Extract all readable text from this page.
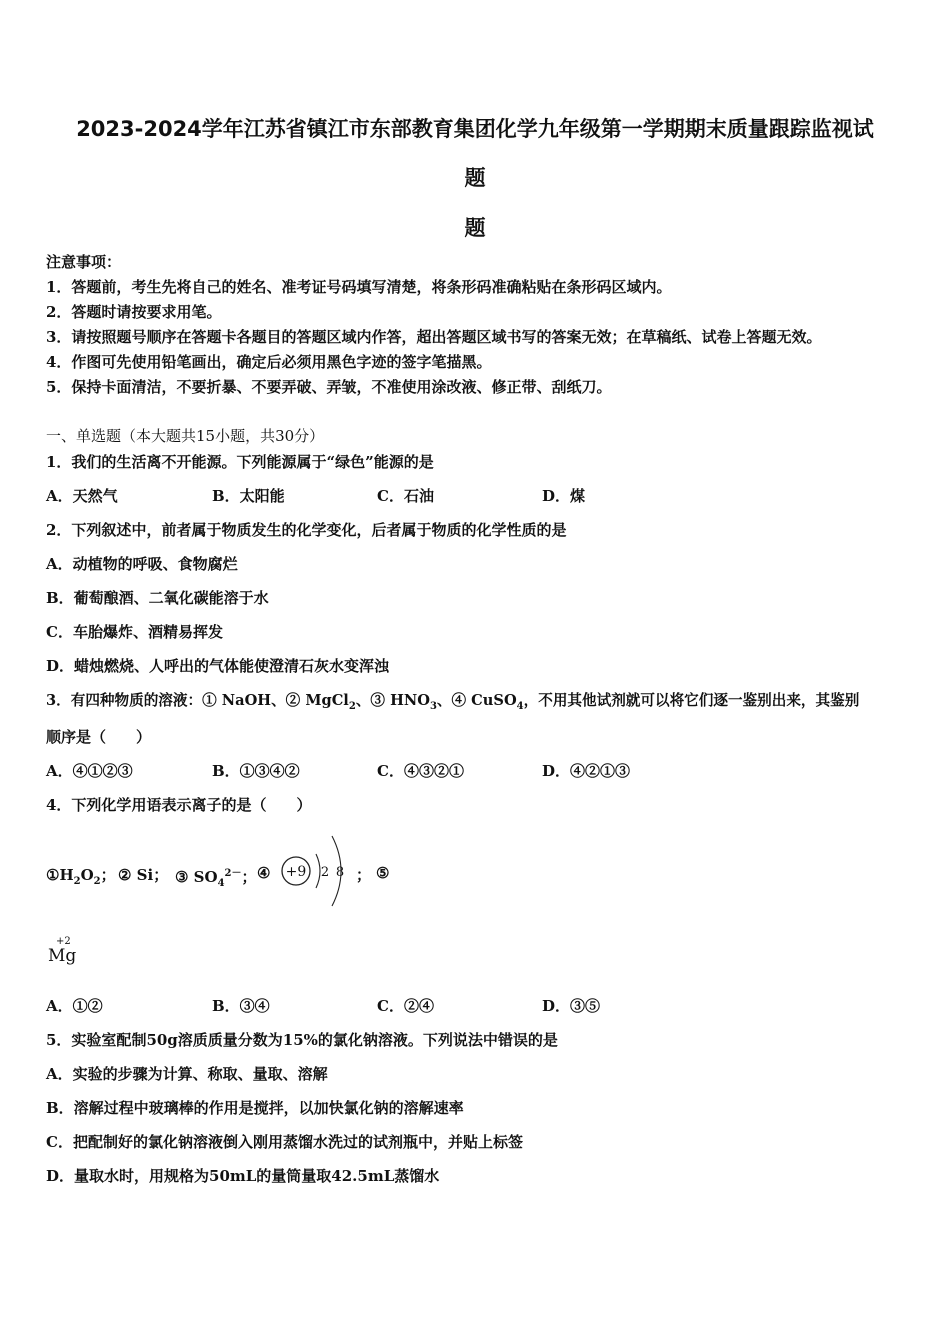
2023-2024学年江苏省镇江市东部教育集团化学九年级第一学期期末质量跟踪监视试
题
题
注意事项：
1．答题前，考生先将自己的姓名、准考证号码填写清楚，将条形码准确粘贴在条形码区域内。
2．答题时请按要求用笔。
3．请按照题号顺序在答题卡各题目的答题区域内作答，超出答题区域书写的答案无效；在草稿纸、试卷上答题无效。
4．作图可先使用铅笔画出，确定后必须用黑色字迹的签字笔描黑。
5．保持卡面清洁，不要折暴、不要弄破、弄皱，不准使用涂改液、修正带、刮纸刀。
一、单选题（本大题共15小题，共30分）
1．我们的生活离不开能源。下列能源属于“绿色”能源的是
A．天然气	B．太阳能	C．石油	D．煤
2．下列叙述中，前者属于物质发生的化学变化，后者属于物质的化学性质的是
A．动植物的呼吸、食物腐烂
B．葡萄酿酒、二氧化碳能溶于水
C．车胎爆炸、酒精易挥发
D．蜡烛燃烧、人呼出的气体能使澄清石灰水变浑浊
3．有四种物质的溶液：① NaOH、② MgCl$_2$、③ $HNO_3$、④ CuSO$_4$，不用其他试剂就可以将它们逐一鉴别出来，其鉴别
顺序是（　　）
A．④①②③	B．①③④②	C．④③②①	D．④②①③
4．下列化学用语表示离子的是（　　）
$①H_2O_2$； ② Si； ③ $SO_4^{2-}$； ④ +9 2 8 ； ⑤
+2
Mg
A．①②	B．③④	C．②④	D．③⑤
5．实验室配制50g溶质质量分数为15%的氯化钠溶液。下列说法中错误的是
A．实验的步骤为计算、称取、量取、溶解
B．溶解过程中玻璃棒的作用是搅拌，以加快氯化钠的溶解速率
C．把配制好的氯化钠溶液倒入刚用蒸馏水洗过的试剂瓶中，并贴上标签
D．量取水时，用规格为50mL的量筒量取42.5mL蒸馏水
